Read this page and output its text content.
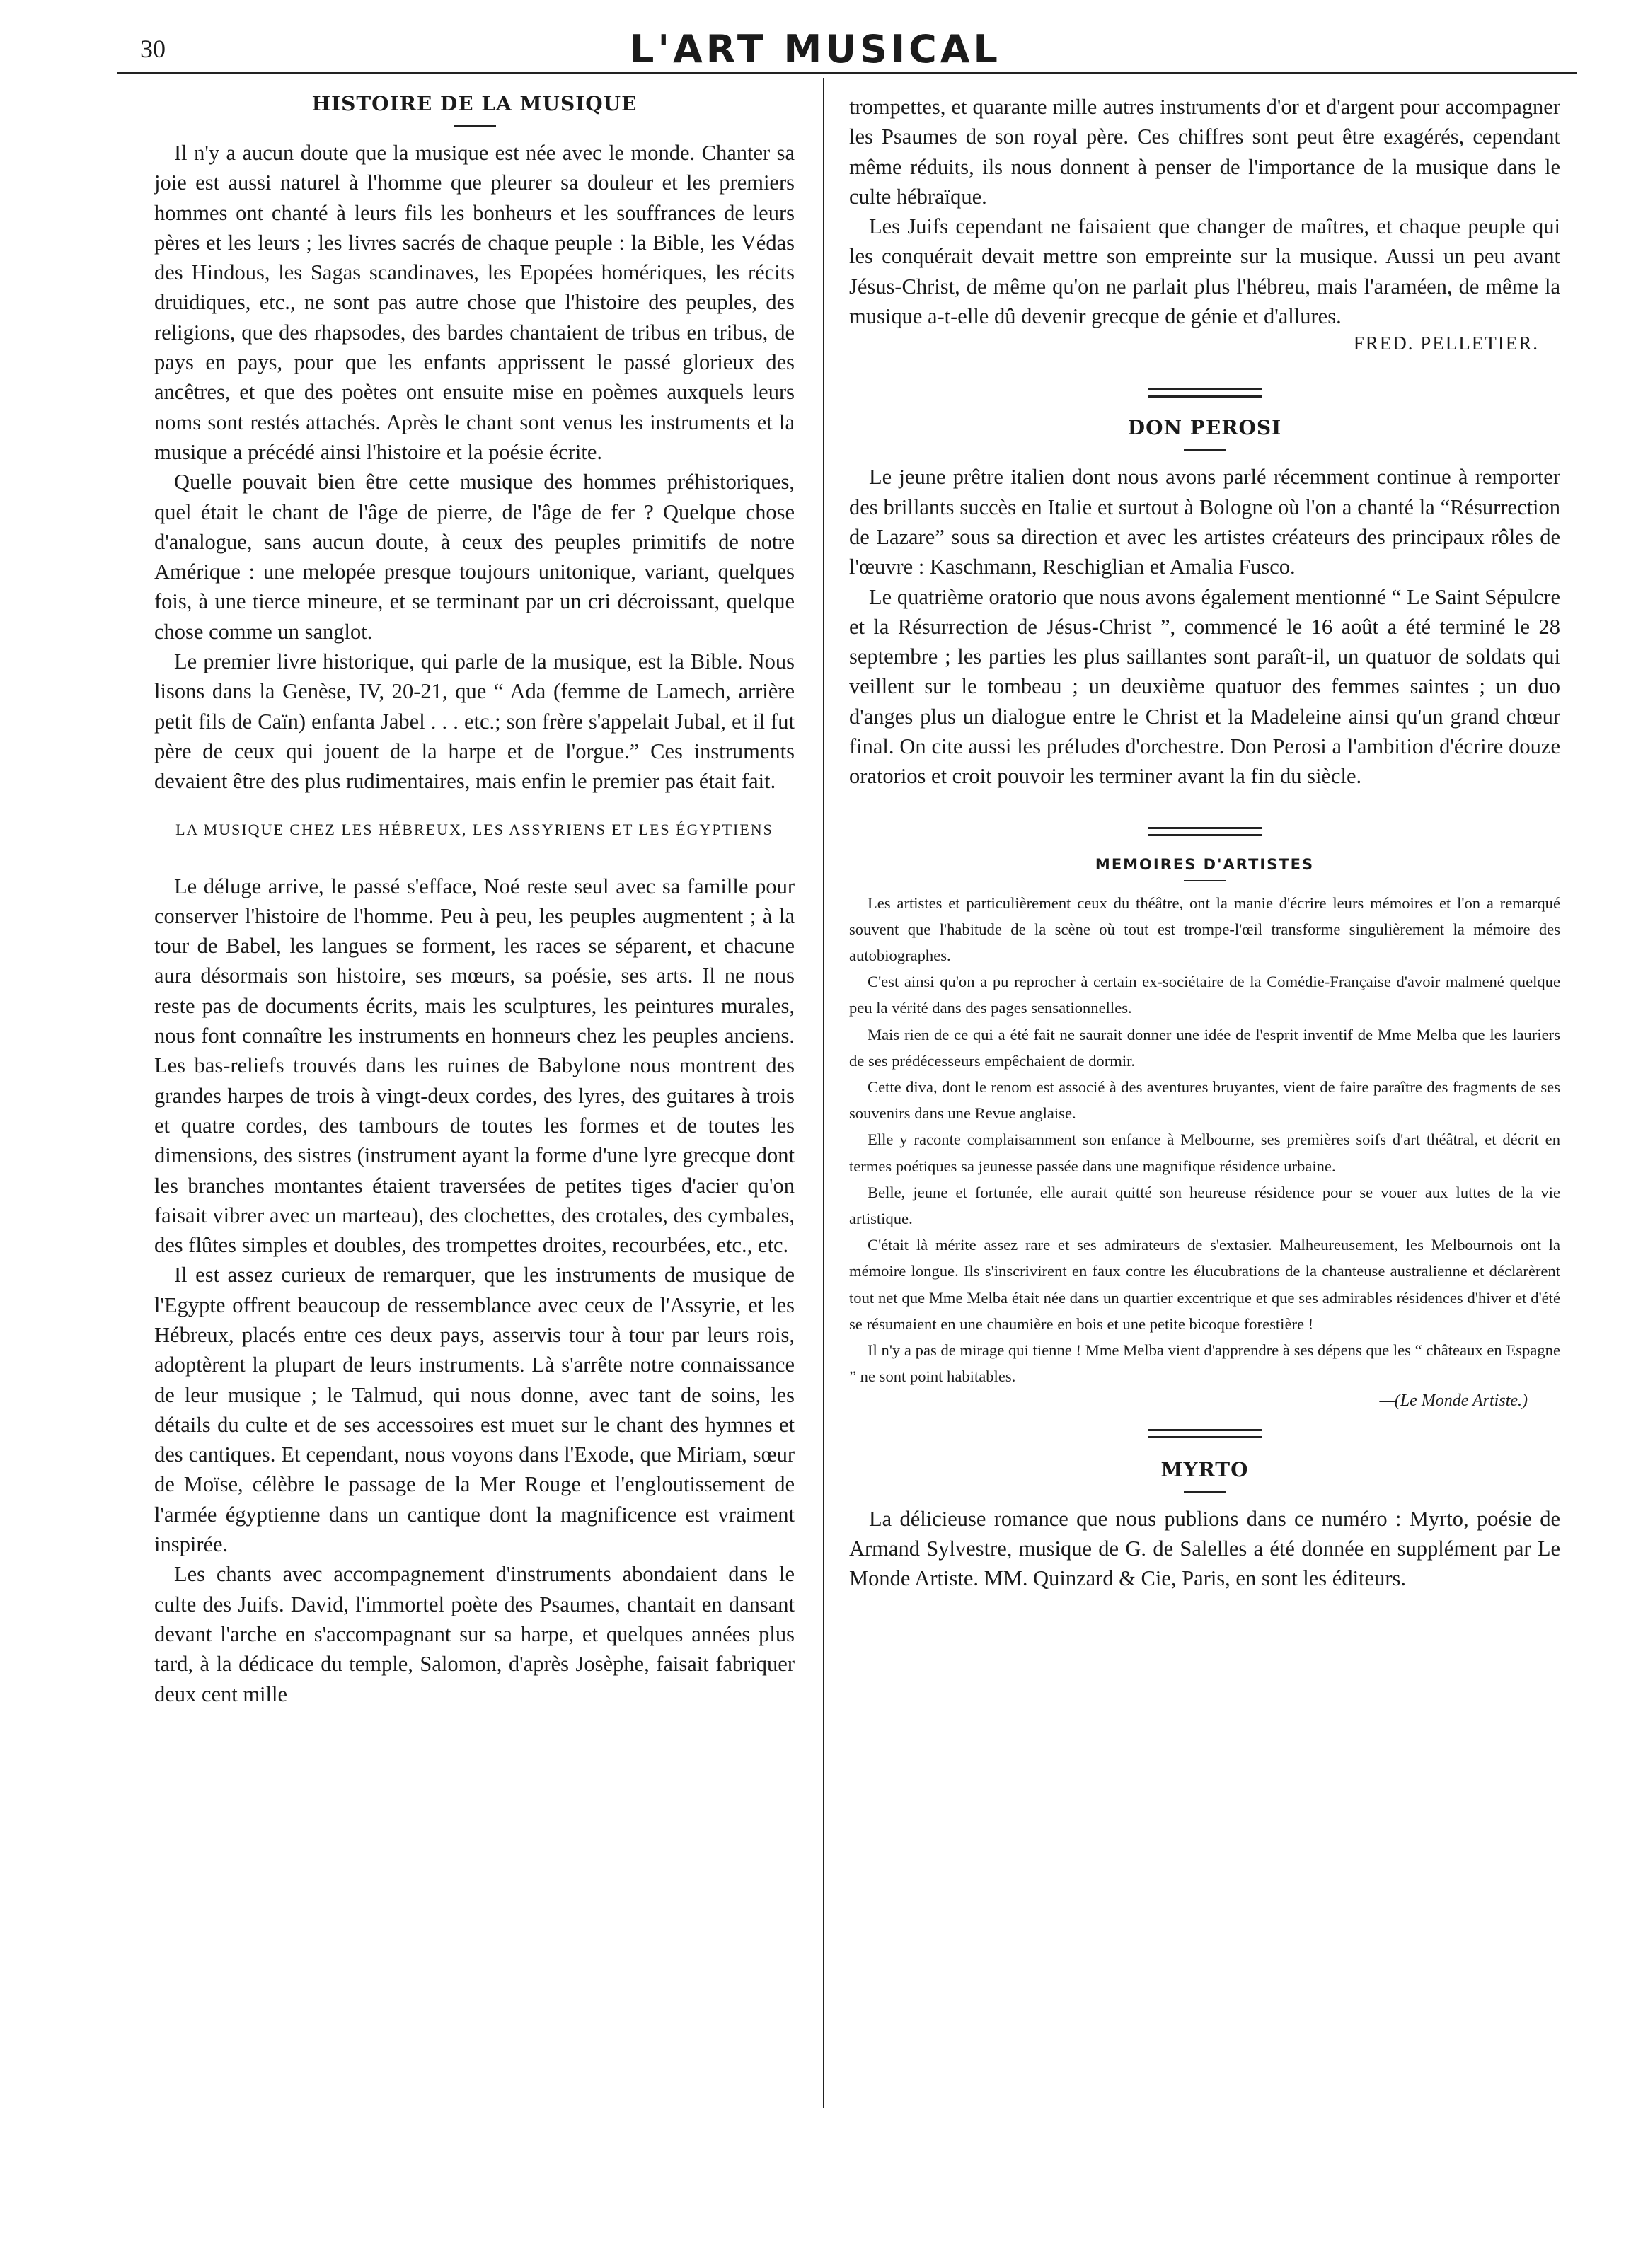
30	L'ART MUSICAL
HISTOIRE DE LA MUSIQUE

Il n'y a aucun doute que la musique est née avec le monde. Chanter sa joie est aussi naturel à l'homme que pleurer sa douleur et les premiers hommes ont chanté à leurs fils les bonheurs et les souffrances de leurs pères et les leurs ; les livres sacrés de chaque peuple : la Bible, les Védas des Hindous, les Sagas scandinaves, les Epopées homériques, les récits druidiques, etc., ne sont pas autre chose que l'histoire des peuples, des religions, que des rhapsodes, des bardes chantaient de tribus en tribus, de pays en pays, pour que les enfants apprissent le passé glorieux des ancêtres, et que des poètes ont ensuite mise en poèmes auxquels leurs noms sont restés attachés. Après le chant sont venus les instruments et la musique a précédé ainsi l'histoire et la poésie écrite.

Quelle pouvait bien être cette musique des hommes préhistoriques, quel était le chant de l'âge de pierre, de l'âge de fer ? Quelque chose d'analogue, sans aucun doute, à ceux des peuples primitifs de notre Amérique : une melopée presque toujours unitonique, variant, quelques fois, à une tierce mineure, et se terminant par un cri décroissant, quelque chose comme un sanglot.

Le premier livre historique, qui parle de la musique, est la Bible. Nous lisons dans la Genèse, IV, 20-21, que “ Ada (femme de Lamech, arrière petit fils de Caïn) enfanta Jabel . . . etc.; son frère s'appelait Jubal, et il fut père de ceux qui jouent de la harpe et de l'orgue.” Ces instruments devaient être des plus rudimentaires, mais enfin le premier pas était fait.

LA MUSIQUE CHEZ LES HÉBREUX, LES ASSYRIENS ET LES ÉGYPTIENS

Le déluge arrive, le passé s'efface, Noé reste seul avec sa famille pour conserver l'histoire de l'homme. Peu à peu, les peuples augmentent ; à la tour de Babel, les langues se forment, les races se séparent, et chacune aura désormais son histoire, ses mœurs, sa poésie, ses arts. Il ne nous reste pas de documents écrits, mais les sculptures, les peintures murales, nous font connaître les instruments en honneurs chez les peuples anciens. Les bas-reliefs trouvés dans les ruines de Babylone nous montrent des grandes harpes de trois à vingt-deux cordes, des lyres, des guitares à trois et quatre cordes, des tambours de toutes les formes et de toutes les dimensions, des sistres (instrument ayant la forme d'une lyre grecque dont les branches montantes étaient traversées de petites tiges d'acier qu'on faisait vibrer avec un marteau), des clochettes, des crotales, des cymbales, des flûtes simples et doubles, des trompettes droites, recourbées, etc., etc.

Il est assez curieux de remarquer, que les instruments de musique de l'Egypte offrent beaucoup de ressemblance avec ceux de l'Assyrie, et les Hébreux, placés entre ces deux pays, asservis tour à tour par leurs rois, adoptèrent la plupart de leurs instruments. Là s'arrête notre connaissance de leur musique ; le Talmud, qui nous donne, avec tant de soins, les détails du culte et de ses accessoires est muet sur le chant des hymnes et des cantiques. Et cependant, nous voyons dans l'Exode, que Miriam, sœur de Moïse, célèbre le passage de la Mer Rouge et l'engloutissement de l'armée égyptienne dans un cantique dont la magnificence est vraiment inspirée.

Les chants avec accompagnement d'instruments abondaient dans le culte des Juifs. David, l'immortel poète des Psaumes, chantait en dansant devant l'arche en s'accompagnant sur sa harpe, et quelques années plus tard, à la dédicace du temple, Salomon, d'après Josèphe, faisait fabriquer deux cent mille

trompettes, et quarante mille autres instruments d'or et d'argent pour accompagner les Psaumes de son royal père. Ces chiffres sont peut être exagérés, cependant même réduits, ils nous donnent à penser de l'importance de la musique dans le culte hébraïque.

Les Juifs cependant ne faisaient que changer de maîtres, et chaque peuple qui les conquérait devait mettre son empreinte sur la musique. Aussi un peu avant Jésus-Christ, de même qu'on ne parlait plus l'hébreu, mais l'araméen, de même la musique a-t-elle dû devenir grecque de génie et d'allures.

FRED. PELLETIER.
DON PEROSI

Le jeune prêtre italien dont nous avons parlé récemment continue à remporter des brillants succès en Italie et surtout à Bologne où l'on a chanté la “Résurrection de Lazare” sous sa direction et avec les artistes créateurs des principaux rôles de l'œuvre : Kaschmann, Reschiglian et Amalia Fusco.

Le quatrième oratorio que nous avons également mentionné “ Le Saint Sépulcre et la Résurrection de Jésus-Christ ”, commencé le 16 août a été terminé le 28 septembre ; les parties les plus saillantes sont paraît-il, un quatuor de soldats qui veillent sur le tombeau ; un deuxième quatuor des femmes saintes ; un duo d'anges plus un dialogue entre le Christ et la Madeleine ainsi qu'un grand chœur final. On cite aussi les préludes d'orchestre. Don Perosi a l'ambition d'écrire douze oratorios et croit pouvoir les terminer avant la fin du siècle.

MEMOIRES D'ARTISTES

Les artistes et particulièrement ceux du théâtre, ont la manie d'écrire leurs mémoires et l'on a remarqué souvent que l'habitude de la scène où tout est trompe-l'œil transforme singulièrement la mémoire des autobiographes.

C'est ainsi qu'on a pu reprocher à certain ex-sociétaire de la Comédie-Française d'avoir malmené quelque peu la vérité dans des pages sensationnelles.

Mais rien de ce qui a été fait ne saurait donner une idée de l'esprit inventif de Mme Melba que les lauriers de ses prédécesseurs empêchaient de dormir.

Cette diva, dont le renom est associé à des aventures bruyantes, vient de faire paraître des fragments de ses souvenirs dans une Revue anglaise.

Elle y raconte complaisamment son enfance à Melbourne, ses premières soifs d'art théâtral, et décrit en termes poétiques sa jeunesse passée dans une magnifique résidence urbaine.

Belle, jeune et fortunée, elle aurait quitté son heureuse résidence pour se vouer aux luttes de la vie artistique.

C'était là mérite assez rare et ses admirateurs de s'extasier. Malheureusement, les Melbournois ont la mémoire longue. Ils s'inscrivirent en faux contre les élucubrations de la chanteuse australienne et déclarèrent tout net que Mme Melba était née dans un quartier excentrique et que ses admirables résidences d'hiver et d'été se résumaient en une chaumière en bois et une petite bicoque forestière !

Il n'y a pas de mirage qui tienne ! Mme Melba vient d'apprendre à ses dépens que les “ châteaux en Espagne ” ne sont point habitables.

—(Le Monde Artiste.)
MYRTO

La délicieuse romance que nous publions dans ce numéro : Myrto, poésie de Armand Sylvestre, musique de G. de Salelles a été donnée en supplément par Le Monde Artiste. MM. Quinzard & Cie, Paris, en sont les éditeurs.
